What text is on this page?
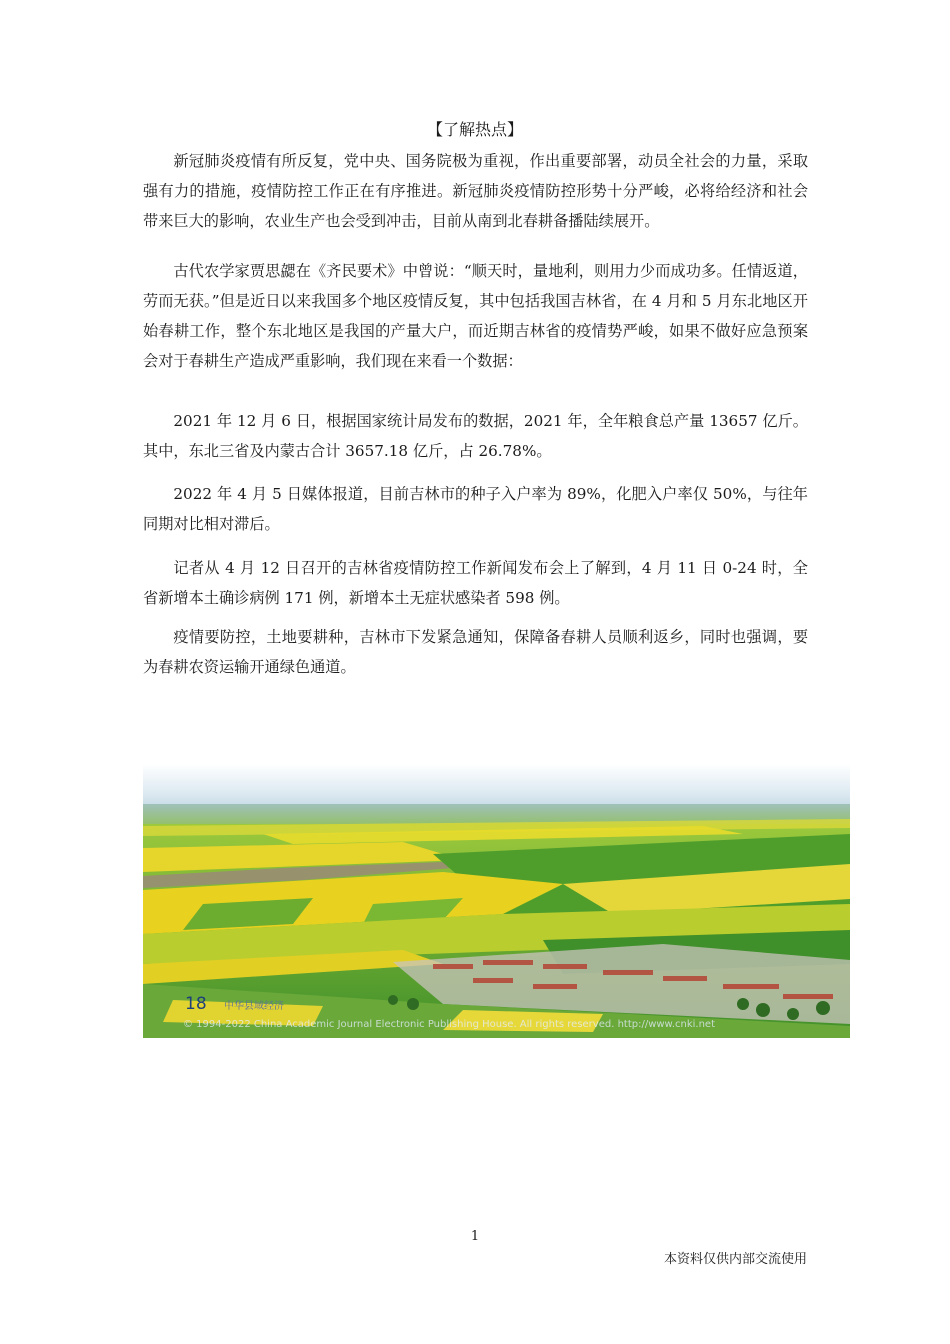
【了解热点】

新冠肺炎疫情有所反复，党中央、国务院极为重视，作出重要部署，动员全社会的力量，采取强有力的措施，疫情防控工作正在有序推进。新冠肺炎疫情防控形势十分严峻，必将给经济和社会带来巨大的影响，农业生产也会受到冲击，目前从南到北春耕备播陆续展开。

古代农学家贾思勰在《齐民要术》中曾说：“顺天时，量地利，则用力少而成功多。任情返道，劳而无获。”但是近日以来我国多个地区疫情反复，其中包括我国吉林省，在 4 月和 5 月东北地区开始春耕工作，整个东北地区是我国的产量大户，而近期吉林省的疫情势严峻，如果不做好应急预案会对于春耕生产造成严重影响，我们现在来看一个数据：

2021 年 12 月 6 日，根据国家统计局发布的数据，2021 年，全年粮食总产量 13657 亿斤。其中，东北三省及内蒙古合计 3657.18 亿斤，占 26.78%。

2022 年 4 月 5 日媒体报道，目前吉林市的种子入户率为 89%，化肥入户率仅 50%，与往年同期对比相对滞后。

记者从 4 月 12 日召开的吉林省疫情防控工作新闻发布会上了解到，4 月 11 日 0-24 时，全省新增本土确诊病例 171 例，新增本土无症状感染者 598 例。

疫情要防控，土地要耕种，吉林市下发紧急通知，保障备春耕人员顺利返乡，同时也强调，要为春耕农资运输开通绿色通道。

18 中华县域经济
© 1994-2022 China Academic Journal Electronic Publishing House. All rights reserved. http://www.cnki.net

1

本资料仅供内部交流使用
